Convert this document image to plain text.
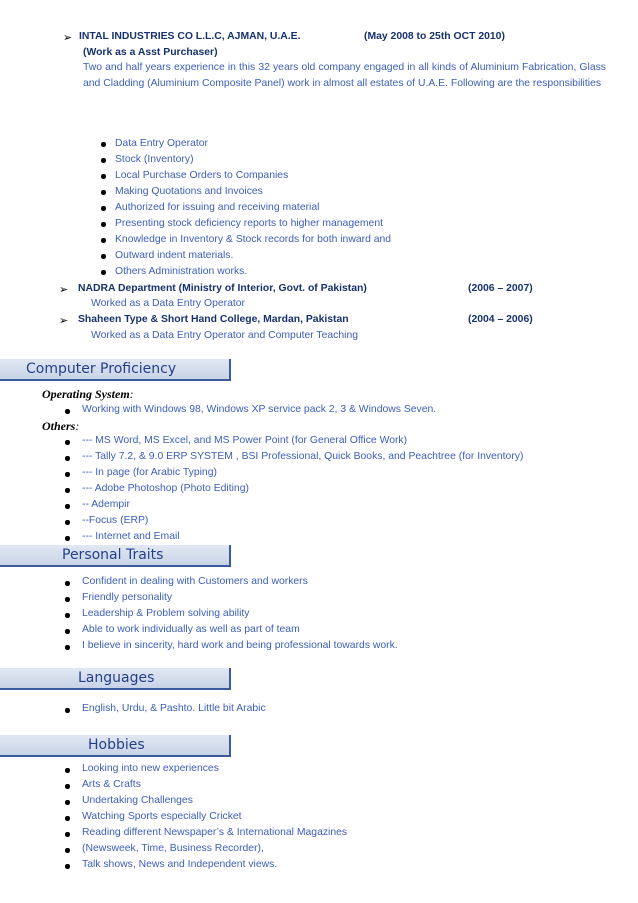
➢ INTAL INDUSTRIES CO L.L.C, AJMAN, U.A.E.	(May 2008 to 25th OCT 2010)
(Work as a Asst Purchaser)
Two and half years experience in this 32 years old company engaged in all kinds of Aluminium Fabrication, Glass and Cladding (Aluminium Composite Panel) work in almost all estates of U.A.E. Following are the responsibilities
Data Entry Operator
Stock (Inventory)
Local Purchase Orders to Companies
Making Quotations and Invoices
Authorized for issuing and receiving material
Presenting stock deficiency reports to higher management
Knowledge in Inventory & Stock records for both inward and
Outward indent materials.
Others Administration works.
➢ NADRA Department (Ministry of Interior, Govt. of Pakistan)	(2006 – 2007)
Worked as a Data Entry Operator
➢ Shaheen Type & Short Hand College, Mardan, Pakistan	(2004 – 2006)
Worked as a Data Entry Operator and Computer Teaching
Computer Proficiency
Operating System:
Working with Windows 98, Windows XP service pack 2, 3 & Windows Seven.
Others:
--- MS Word, MS Excel, and MS Power Point (for General Office Work)
--- Tally 7.2, & 9.0 ERP SYSTEM , BSI Professional, Quick Books, and Peachtree (for Inventory)
--- In page (for Arabic Typing)
--- Adobe Photoshop (Photo Editing)
-- Adempir
--Focus (ERP)
--- Internet and Email
Personal Traits
Confident in dealing with Customers and workers
Friendly personality
Leadership & Problem solving ability
Able to work individually as well as part of team
I believe in sincerity, hard work and being professional towards work.
Languages
English, Urdu, & Pashto. Little bit Arabic
Hobbies
Looking into new experiences
Arts & Crafts
Undertaking Challenges
Watching Sports especially Cricket
Reading different Newspaper’s & International Magazines
(Newsweek, Time, Business Recorder),
Talk shows, News and Independent views.
